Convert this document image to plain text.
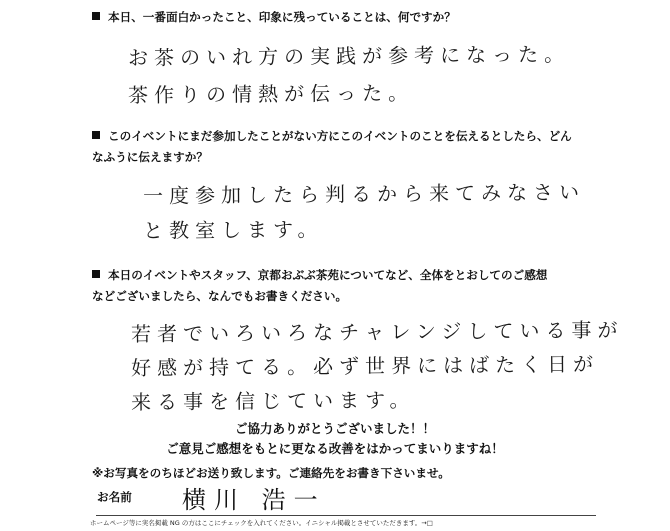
本日、一番面白かったこと、印象に残っていることは、何ですか？
お茶のいれ方の実践が参考になった。
茶作りの情熱が伝った。
このイベントにまだ参加したことがない方にこのイベントのことを伝えるとしたら、どん
なふうに伝えますか？
一度参加したら判るから来てみなさい
と教室します。
本日のイベントやスタッフ、京都おぶぶ茶苑についてなど、全体をとおしてのご感想
などございましたら、なんでもお書きください。
若者でいろいろなチャレンジしている事が
好感が持てる。必ず世界にはばたく日が
来る事を信じています。
ご協力ありがとうございました！！
ご意見ご感想をもとに更なる改善をはかってまいりますね！
※お写真をのちほどお送り致します。ご連絡先をお書き下さいませ。
お名前 横川 浩一
ホームページ等に実名掲載 NG の方はここにチェックを入れてください。イニシャル掲載とさせていただきます。→□
